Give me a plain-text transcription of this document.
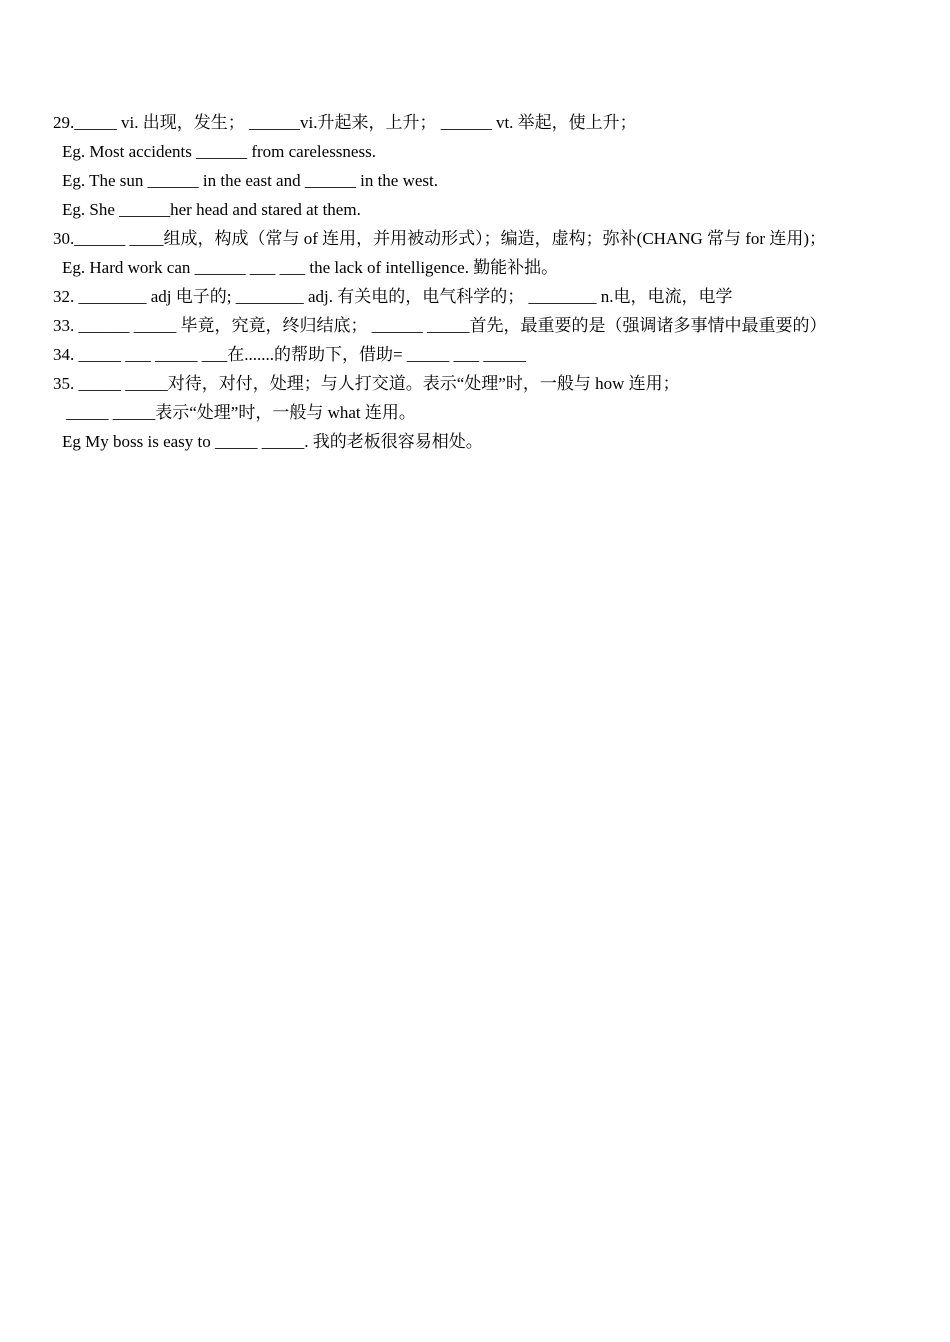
29._____ vi. 出现，发生； ______vi.升起来，上升； ______ vt. 举起，使上升；
Eg. Most accidents ______ from carelessness.
Eg. The sun ______ in the east and ______ in the west.
Eg. She ______her head and stared at them.
30.______ ____组成，构成（常与 of 连用，并用被动形式）；编造，虚构；弥补(CHANG 常与 for 连用)；
Eg. Hard work can ______ ___ ___ the lack of intelligence. 勤能补拙。
32. ________ adj 电子的; ________ adj. 有关电的，电气科学的； ________ n.电，电流，电学
33. ______ _____ 毕竟，究竟，终归结底； ______ _____首先，最重要的是（强调诸多事情中最重要的）
34. _____ ___ _____ ___在.......的帮助下，借助= _____ ___ _____
35. _____ _____对待，对付，处理；与人打交道。表示“处理”时，一般与 how 连用；
_____ _____表示“处理”时，一般与 what 连用。
Eg My boss is easy to _____ _____. 我的老板很容易相处。
